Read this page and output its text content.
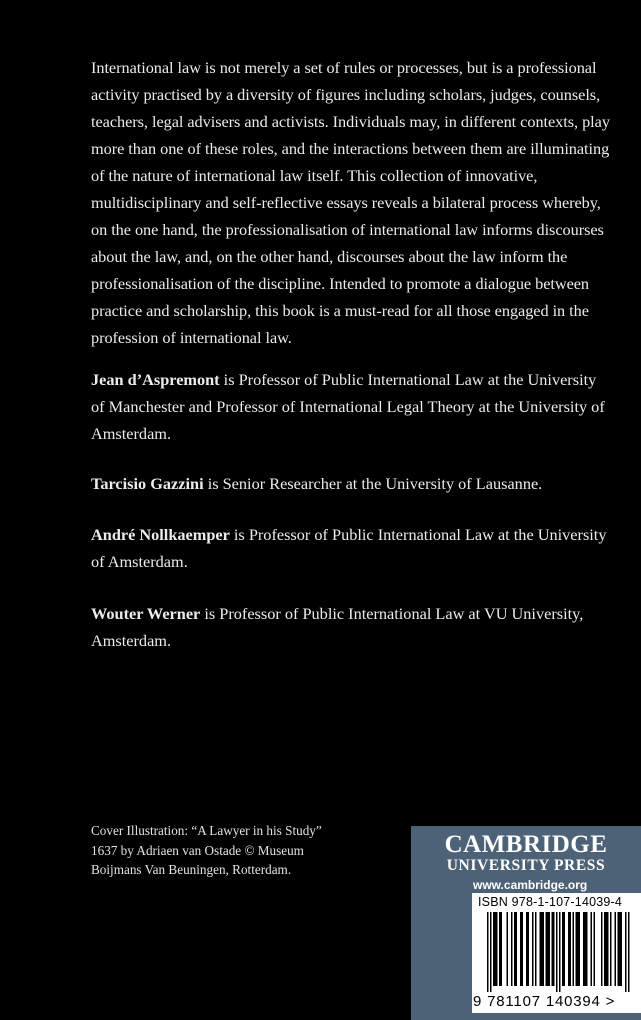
International law is not merely a set of rules or processes, but is a professional activity practised by a diversity of figures including scholars, judges, counsels, teachers, legal advisers and activists. Individuals may, in different contexts, play more than one of these roles, and the interactions between them are illuminating of the nature of international law itself. This collection of innovative, multidisciplinary and self-reflective essays reveals a bilateral process whereby, on the one hand, the professionalisation of international law informs discourses about the law, and, on the other hand, discourses about the law inform the professionalisation of the discipline. Intended to promote a dialogue between practice and scholarship, this book is a must-read for all those engaged in the profession of international law.

Jean d’Aspremont is Professor of Public International Law at the University of Manchester and Professor of International Legal Theory at the University of Amsterdam.

Tarcisio Gazzini is Senior Researcher at the University of Lausanne.

André Nollkaemper is Professor of Public International Law at the University of Amsterdam.

Wouter Werner is Professor of Public International Law at VU University, Amsterdam.

Cover Illustration: “A Lawyer in his Study”
1637 by Adriaen van Ostade © Museum
Boijmans Van Beuningen, Rotterdam.

CAMBRIDGE
UNIVERSITY PRESS
www.cambridge.org
ISBN 978-1-107-14039-4
9 781107 140394 >
